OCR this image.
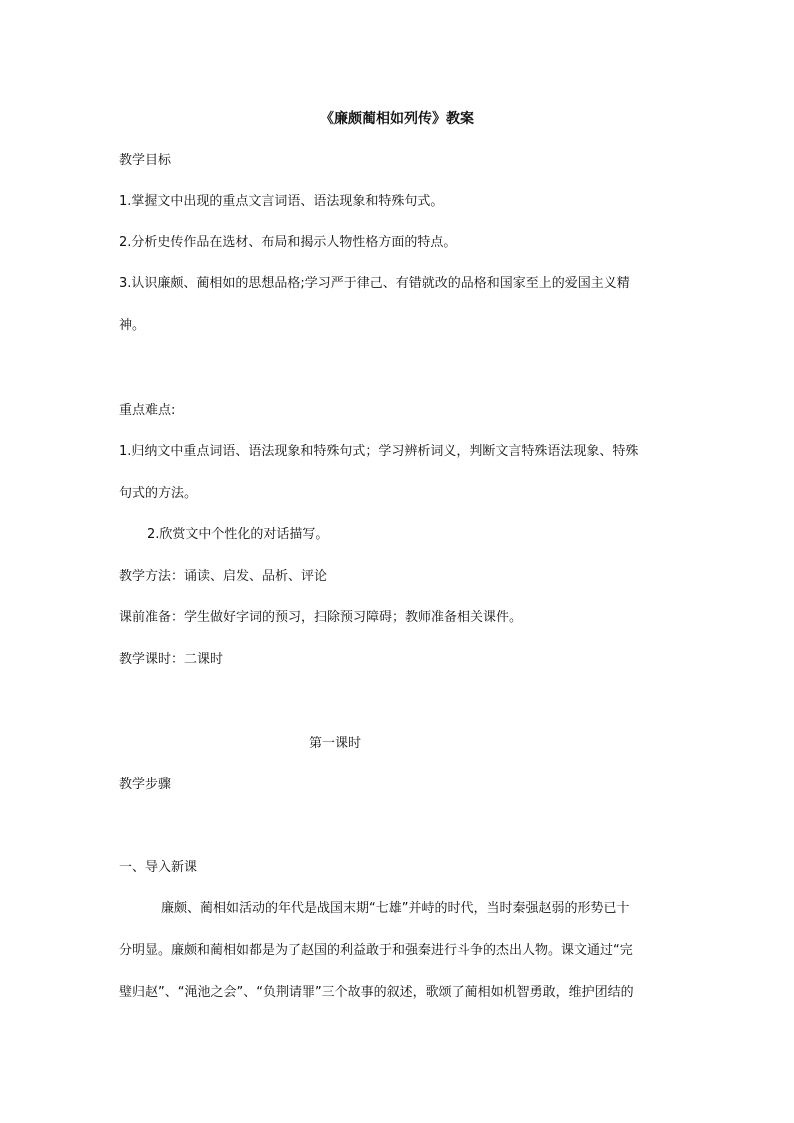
《廉颇蔺相如列传》教案
教学目标
1.掌握文中出现的重点文言词语、语法现象和特殊句式。
2.分析史传作品在选材、布局和揭示人物性格方面的特点。
3.认识廉颇、蔺相如的思想品格;学习严于律己、有错就改的品格和国家至上的爱国主义精
神。
重点难点:
1.归纳文中重点词语、语法现象和特殊句式；学习辨析词义，判断文言特殊语法现象、特殊
句式的方法。
2.欣赏文中个性化的对话描写。
教学方法：诵读、启发、品析、评论
课前准备：学生做好字词的预习，扫除预习障碍；教师准备相关课件。
教学课时：二课时
第一课时
教学步骤
一、导入新课
廉颇、蔺相如活动的年代是战国末期“七雄”并峙的时代，当时秦强赵弱的形势已十
分明显。廉颇和蔺相如都是为了赵国的利益敢于和强秦进行斗争的杰出人物。课文通过“完
璧归赵”、“渑池之会”、“负荆请罪”三个故事的叙述，歌颂了蔺相如机智勇敢，维护团结的
